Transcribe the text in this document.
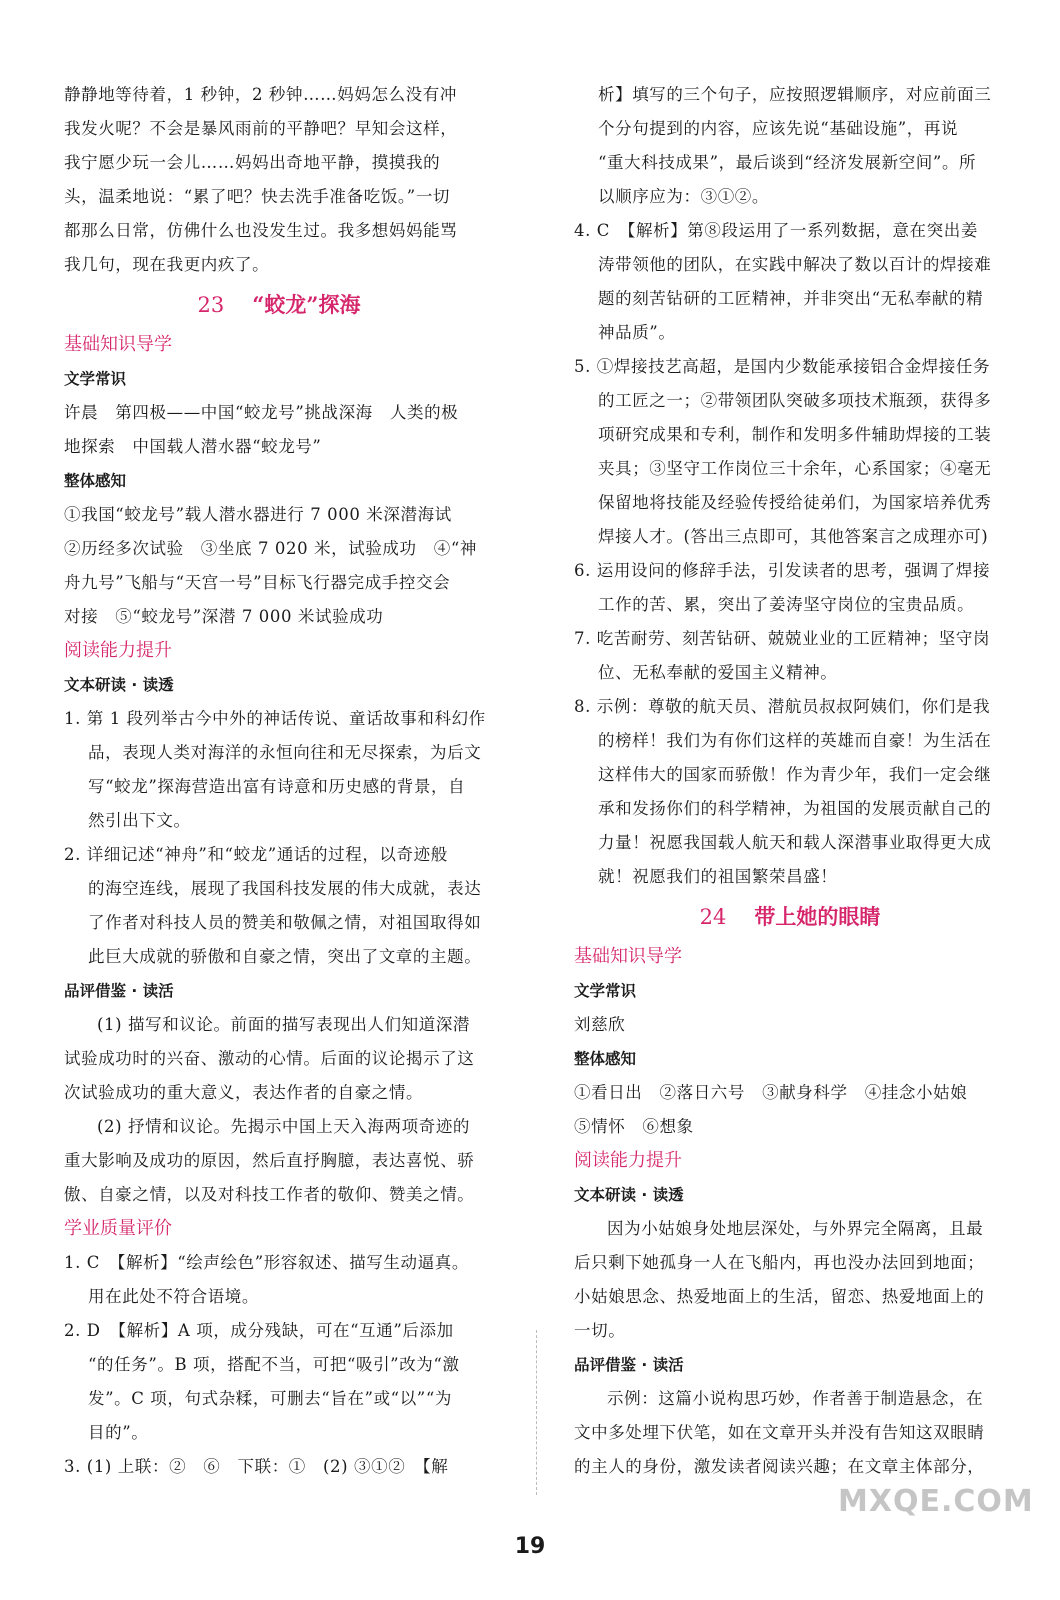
静静地等待着，1 秒钟，2 秒钟……妈妈怎么没有冲

我发火呢？不会是暴风雨前的平静吧？早知会这样，

我宁愿少玩一会儿……妈妈出奇地平静，摸摸我的

头，温柔地说：“累了吧？快去洗手准备吃饭。”一切

都那么日常，仿佛什么也没发生过。我多想妈妈能骂

我几句，现在我更内疚了。

23 “蛟龙”探海

基础知识导学

文学常识

许晨　第四极——中国“蛟龙号”挑战深海　人类的极

地探索　中国载人潜水器“蛟龙号”

整体感知

①我国“蛟龙号”载人潜水器进行 7 000 米深潜海试

②历经多次试验　③坐底 7 020 米，试验成功　④“神

舟九号”飞船与“天宫一号”目标飞行器完成手控交会

对接　⑤“蛟龙号”深潜 7 000 米试验成功

阅读能力提升

文本研读 · 读透

1. 第 1 段列举古今中外的神话传说、童话故事和科幻作

品，表现人类对海洋的永恒向往和无尽探索，为后文

写“蛟龙”探海营造出富有诗意和历史感的背景，自

然引出下文。

2. 详细记述“神舟”和“蛟龙”通话的过程，以奇迹般

的海空连线，展现了我国科技发展的伟大成就，表达

了作者对科技人员的赞美和敬佩之情，对祖国取得如

此巨大成就的骄傲和自豪之情，突出了文章的主题。

品评借鉴 · 读活

(1) 描写和议论。前面的描写表现出人们知道深潜

试验成功时的兴奋、激动的心情。后面的议论揭示了这

次试验成功的重大意义，表达作者的自豪之情。

(2) 抒情和议论。先揭示中国上天入海两项奇迹的

重大影响及成功的原因，然后直抒胸臆，表达喜悦、骄

傲、自豪之情，以及对科技工作者的敬仰、赞美之情。

学业质量评价

1. C　【解析】“绘声绘色”形容叙述、描写生动逼真。

用在此处不符合语境。

2. D　【解析】A 项，成分残缺，可在“互通”后添加

“的任务”。B 项，搭配不当，可把“吸引”改为“激

发”。C 项，句式杂糅，可删去“旨在”或“以”“为

目的”。

3. (1) 上联：②　⑥　下联：①　(2) ③①②　【解

析】填写的三个句子，应按照逻辑顺序，对应前面三

个分句提到的内容，应该先说“基础设施”，再说

“重大科技成果”，最后谈到“经济发展新空间”。所

以顺序应为：③①②。

4. C　【解析】第⑧段运用了一系列数据，意在突出姜

涛带领他的团队，在实践中解决了数以百计的焊接难

题的刻苦钻研的工匠精神，并非突出“无私奉献的精

神品质”。

5. ①焊接技艺高超，是国内少数能承接铝合金焊接任务

的工匠之一；②带领团队突破多项技术瓶颈，获得多

项研究成果和专利，制作和发明多件辅助焊接的工装

夹具；③坚守工作岗位三十余年，心系国家；④毫无

保留地将技能及经验传授给徒弟们，为国家培养优秀

焊接人才。(答出三点即可，其他答案言之成理亦可)

6. 运用设问的修辞手法，引发读者的思考，强调了焊接

工作的苦、累，突出了姜涛坚守岗位的宝贵品质。

7. 吃苦耐劳、刻苦钻研、兢兢业业的工匠精神；坚守岗

位、无私奉献的爱国主义精神。

8. 示例：尊敬的航天员、潜航员叔叔阿姨们，你们是我

的榜样！我们为有你们这样的英雄而自豪！为生活在

这样伟大的国家而骄傲！作为青少年，我们一定会继

承和发扬你们的科学精神，为祖国的发展贡献自己的

力量！祝愿我国载人航天和载人深潜事业取得更大成

就！祝愿我们的祖国繁荣昌盛！

24 带上她的眼睛

基础知识导学

文学常识

刘慈欣

整体感知

①看日出　②落日六号　③献身科学　④挂念小姑娘

⑤情怀　⑥想象

阅读能力提升

文本研读 · 读透

因为小姑娘身处地层深处，与外界完全隔离，且最

后只剩下她孤身一人在飞船内，再也没办法回到地面；

小姑娘思念、热爱地面上的生活，留恋、热爱地面上的

一切。

品评借鉴 · 读活

示例：这篇小说构思巧妙，作者善于制造悬念，在

文中多处埋下伏笔，如在文章开头并没有告知这双眼睛

的主人的身份，激发读者阅读兴趣；在文章主体部分，

19
MXQE.COM
